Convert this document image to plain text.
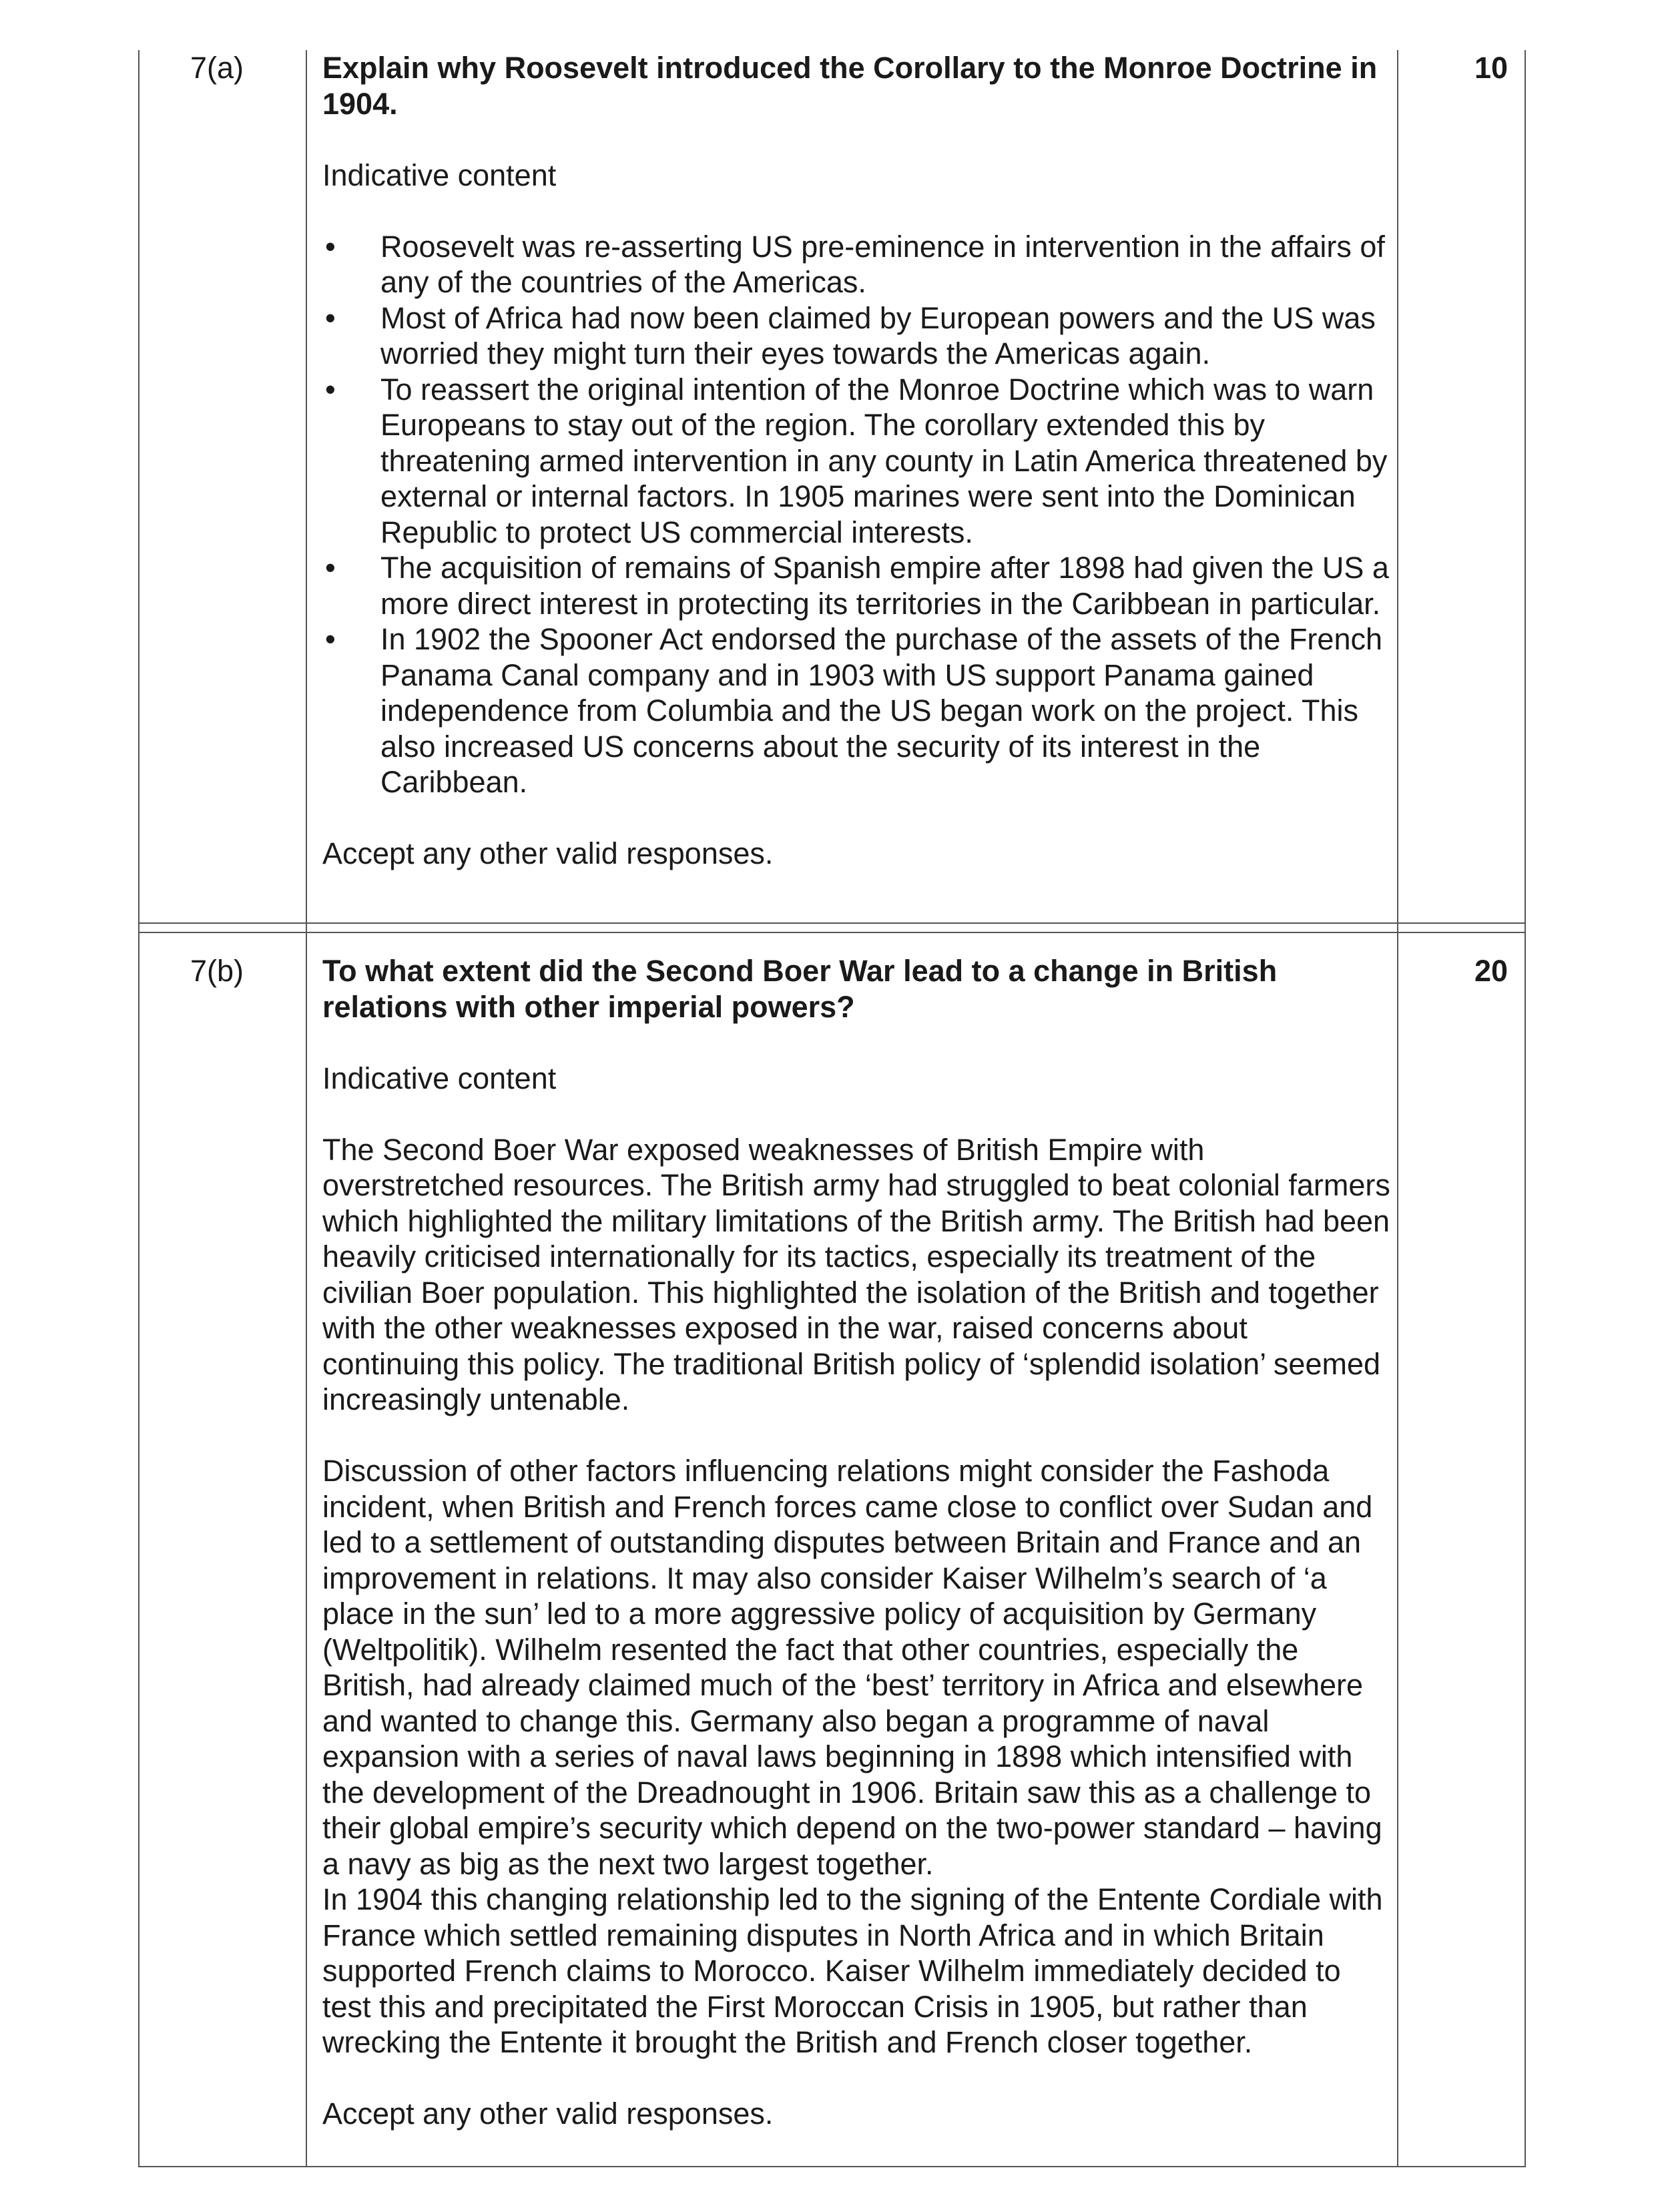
7(a)	10

Explain why Roosevelt introduced the Corollary to the Monroe Doctrine in 1904.

Indicative content

• Roosevelt was re-asserting US pre-eminence in intervention in the affairs of any of the countries of the Americas.
• Most of Africa had now been claimed by European powers and the US was worried they might turn their eyes towards the Americas again.
• To reassert the original intention of the Monroe Doctrine which was to warn Europeans to stay out of the region. The corollary extended this by threatening armed intervention in any county in Latin America threatened by external or internal factors. In 1905 marines were sent into the Dominican Republic to protect US commercial interests.
• The acquisition of remains of Spanish empire after 1898 had given the US a more direct interest in protecting its territories in the Caribbean in particular.
• In 1902 the Spooner Act endorsed the purchase of the assets of the French Panama Canal company and in 1903 with US support Panama gained independence from Columbia and the US began work on the project. This also increased US concerns about the security of its interest in the Caribbean.

Accept any other valid responses.

7(b)	20

To what extent did the Second Boer War lead to a change in British relations with other imperial powers?

Indicative content

The Second Boer War exposed weaknesses of British Empire with overstretched resources. The British army had struggled to beat colonial farmers which highlighted the military limitations of the British army. The British had been heavily criticised internationally for its tactics, especially its treatment of the civilian Boer population. This highlighted the isolation of the British and together with the other weaknesses exposed in the war, raised concerns about continuing this policy. The traditional British policy of ‘splendid isolation’ seemed increasingly untenable.

Discussion of other factors influencing relations might consider the Fashoda incident, when British and French forces came close to conflict over Sudan and led to a settlement of outstanding disputes between Britain and France and an improvement in relations. It may also consider Kaiser Wilhelm’s search of ‘a place in the sun’ led to a more aggressive policy of acquisition by Germany (Weltpolitik). Wilhelm resented the fact that other countries, especially the British, had already claimed much of the ‘best’ territory in Africa and elsewhere and wanted to change this. Germany also began a programme of naval expansion with a series of naval laws beginning in 1898 which intensified with the development of the Dreadnought in 1906. Britain saw this as a challenge to their global empire’s security which depend on the two-power standard – having a navy as big as the next two largest together.

In 1904 this changing relationship led to the signing of the Entente Cordiale with France which settled remaining disputes in North Africa and in which Britain supported French claims to Morocco. Kaiser Wilhelm immediately decided to test this and precipitated the First Moroccan Crisis in 1905, but rather than wrecking the Entente it brought the British and French closer together.

Accept any other valid responses.
